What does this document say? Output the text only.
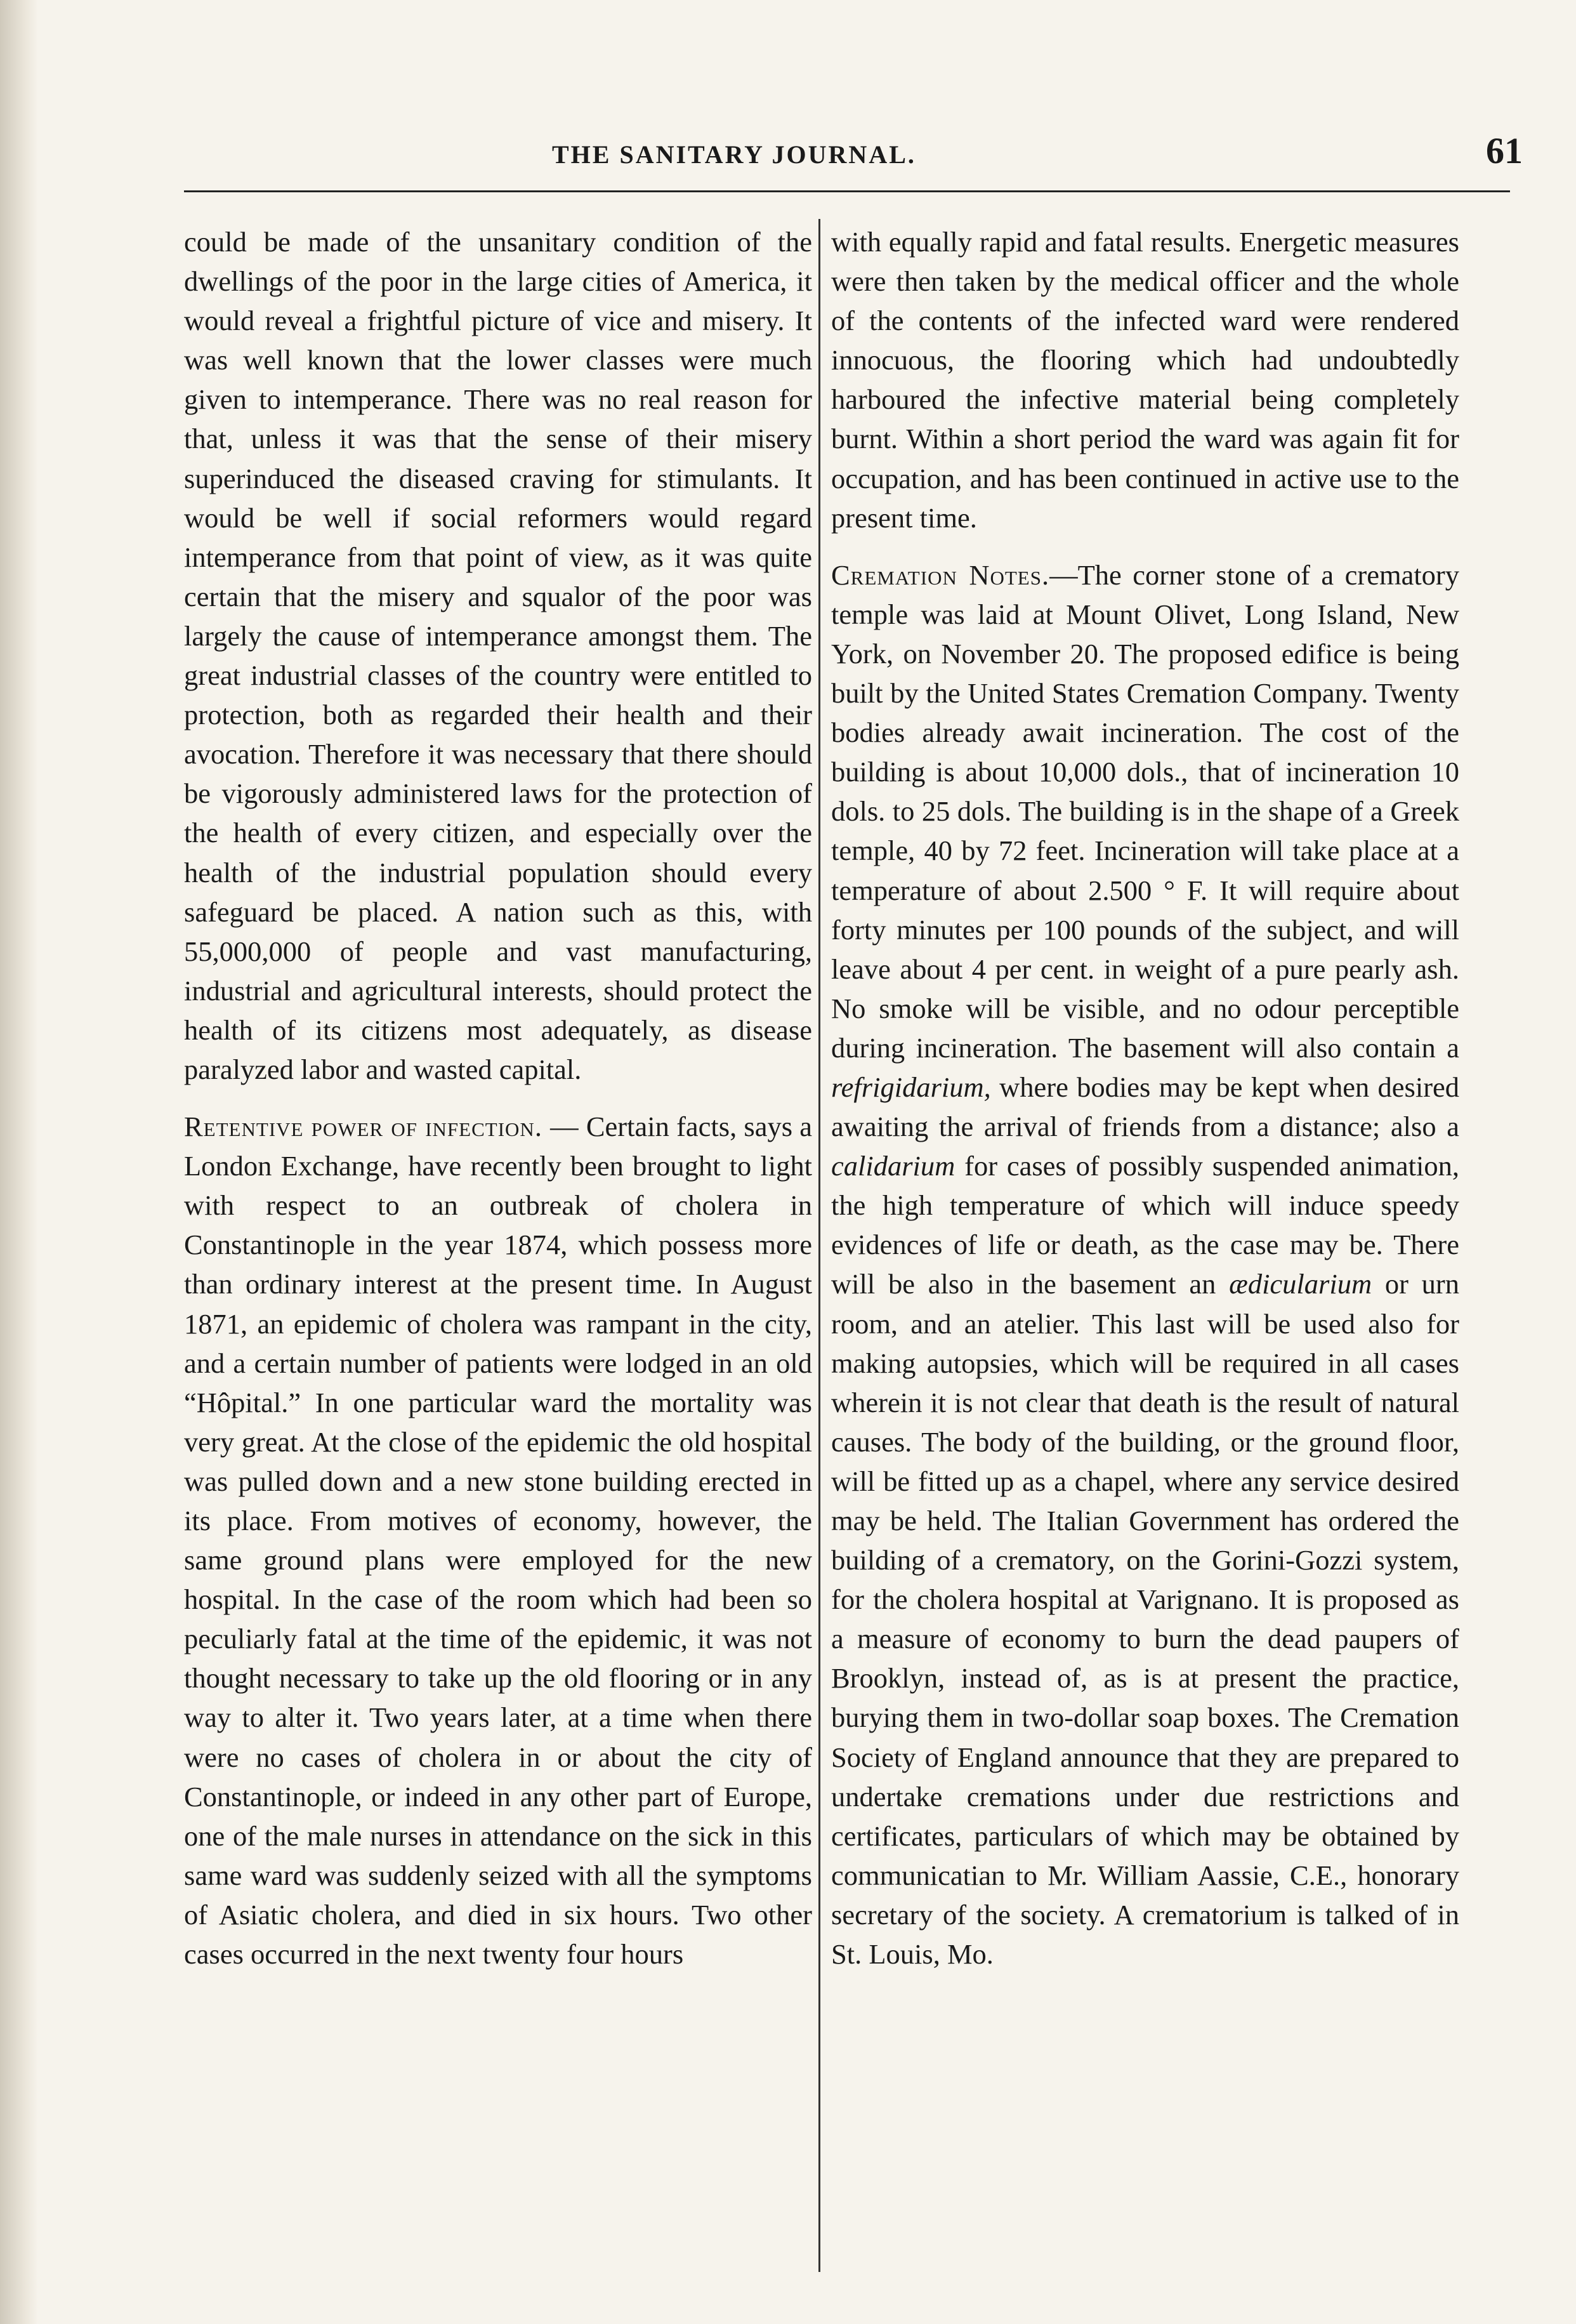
THE SANITARY JOURNAL.	61

could be made of the unsanitary condition of the dwellings of the poor in the large cities of America, it would reveal a frightful picture of vice and misery. It was well known that the lower classes were much given to intemperance. There was no real reason for that, unless it was that the sense of their misery superinduced the diseased craving for stimulants. It would be well if social reformers would regard intemperance from that point of view, as it was quite certain that the misery and squalor of the poor was largely the cause of intemperance amongst them. The great industrial classes of the country were entitled to protection, both as regarded their health and their avocation. Therefore it was necessary that there should be vigorously administered laws for the protection of the health of every citizen, and especially over the health of the industrial population should every safeguard be placed. A nation such as this, with 55,000,000 of people and vast manufacturing, industrial and agricultural interests, should protect the health of its citizens most adequately, as disease paralyzed labor and wasted capital.

Retentive power of infection. — Certain facts, says a London Exchange, have recently been brought to light with respect to an outbreak of cholera in Constantinople in the year 1874, which possess more than ordinary interest at the present time. In August 1871, an epidemic of cholera was rampant in the city, and a certain number of patients were lodged in an old “Hôpital.” In one particular ward the mortality was very great. At the close of the epidemic the old hospital was pulled down and a new stone building erected in its place. From motives of economy, however, the same ground plans were employed for the new hospital. In the case of the room which had been so peculiarly fatal at the time of the epidemic, it was not thought necessary to take up the old flooring or in any way to alter it. Two years later, at a time when there were no cases of cholera in or about the city of Constantinople, or indeed in any other part of Europe, one of the male nurses in attendance on the sick in this same ward was suddenly seized with all the symptoms of Asiatic cholera, and died in six hours. Two other cases occurred in the next twenty four hours

with equally rapid and fatal results. Energetic measures were then taken by the medical officer and the whole of the contents of the infected ward were rendered innocuous, the flooring which had undoubtedly harboured the infective material being completely burnt. Within a short period the ward was again fit for occupation, and has been continued in active use to the present time.

Cremation Notes.—The corner stone of a crematory temple was laid at Mount Olivet, Long Island, New York, on November 20. The proposed edifice is being built by the United States Cremation Company. Twenty bodies already await incineration. The cost of the building is about 10,000 dols., that of incineration 10 dols. to 25 dols. The building is in the shape of a Greek temple, 40 by 72 feet. Incineration will take place at a temperature of about 2.500 ° F. It will require about forty minutes per 100 pounds of the subject, and will leave about 4 per cent. in weight of a pure pearly ash. No smoke will be visible, and no odour perceptible during incineration. The basement will also contain a refrigidarium, where bodies may be kept when desired awaiting the arrival of friends from a distance; also a calidarium for cases of possibly suspended animation, the high temperature of which will induce speedy evidences of life or death, as the case may be. There will be also in the basement an ædicularium or urn room, and an atelier. This last will be used also for making autopsies, which will be required in all cases wherein it is not clear that death is the result of natural causes. The body of the building, or the ground floor, will be fitted up as a chapel, where any service desired may be held. The Italian Government has ordered the building of a crematory, on the Gorini-Gozzi system, for the cholera hospital at Varignano. It is proposed as a measure of economy to burn the dead paupers of Brooklyn, instead of, as is at present the practice, burying them in two-dollar soap boxes. The Cremation Society of England announce that they are prepared to undertake cremations under due restrictions and certificates, particulars of which may be obtained by communicatian to Mr. William Aassie, C.E., honorary secretary of the society. A crematorium is talked of in St. Louis, Mo.
